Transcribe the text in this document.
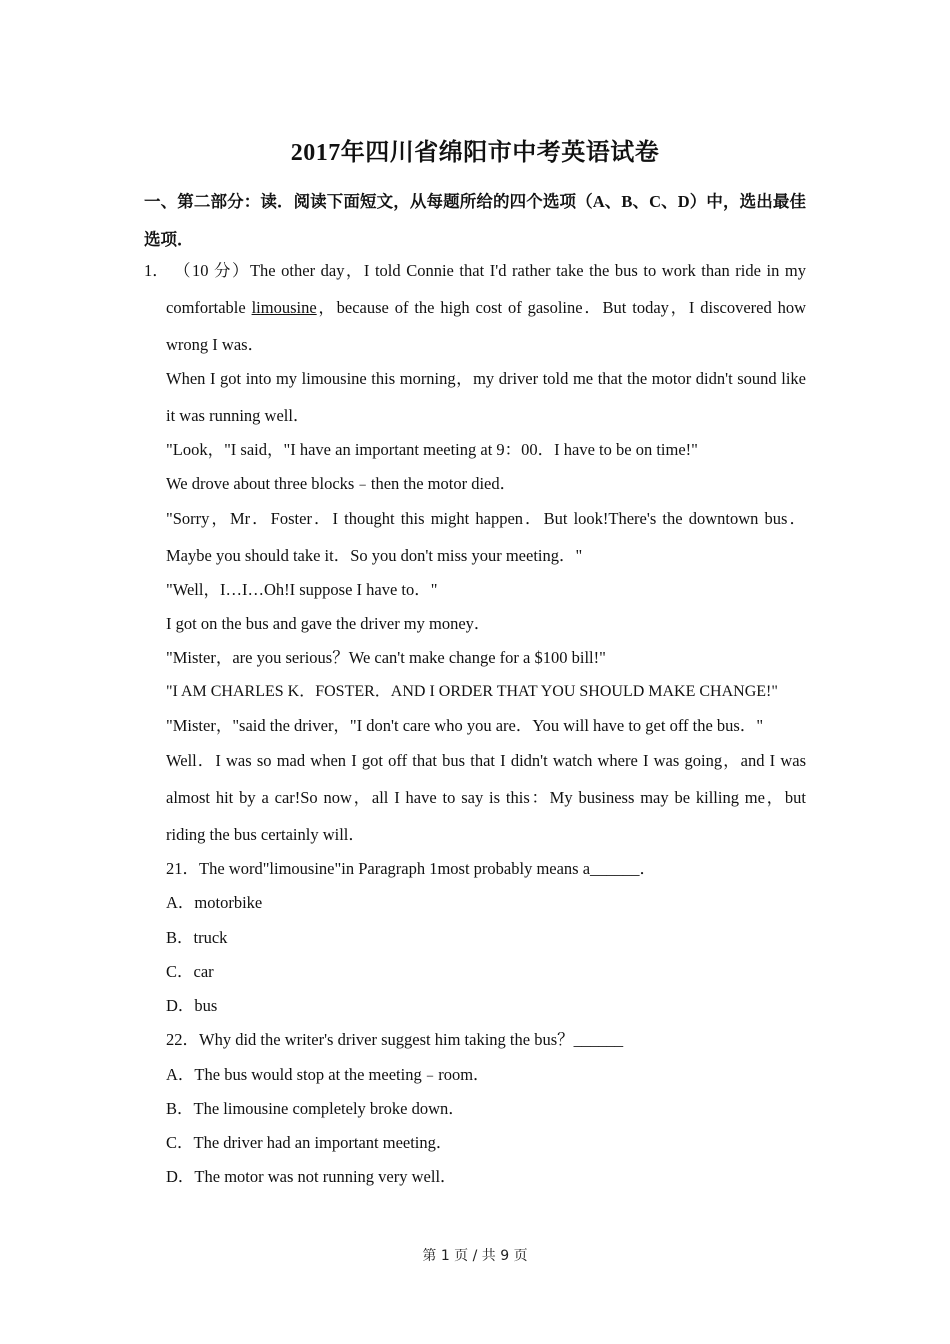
2017年四川省绵阳市中考英语试卷
一、第二部分：读．阅读下面短文，从每题所给的四个选项（A、B、C、D）中，选出最佳选项．
1． （10 分）The other day，I told Connie that I'd rather take the bus to work than ride in my comfortable limousine，because of the high cost of gasoline．But today，I discovered how wrong I was．
When I got into my limousine this morning，my driver told me that the motor didn't sound like it was running well．
"Look，"I said，"I have an important meeting at 9：00．I have to be on time!"
We drove about three blocks﹣then the motor died．
"Sorry，Mr．Foster．I thought this might happen．But look!There's the downtown bus．Maybe you should take it．So you don't miss your meeting．"
"Well，I…I…Oh!I suppose I have to．"
I got on the bus and gave the driver my money．
"Mister，are you serious？We can't make change for a $100 bill!"
"I AM CHARLES K．FOSTER．AND I ORDER THAT YOU SHOULD MAKE CHANGE!"
"Mister，"said the driver，"I don't care who you are．You will have to get off the bus．"
Well．I was so mad when I got off that bus that I didn't watch where I was going，and I was almost hit by a car!So now，all I have to say is this：My business may be killing me，but riding the bus certainly will．
21．The word"limousine"in Paragraph 1most probably means a______．
A．motorbike
B．truck
C．car
D．bus
22．Why did the writer's driver suggest him taking the bus？______
A．The bus would stop at the meeting﹣room．
B．The limousine completely broke down．
C．The driver had an important meeting．
D．The motor was not running very well．
第 1 页 / 共 9 页
